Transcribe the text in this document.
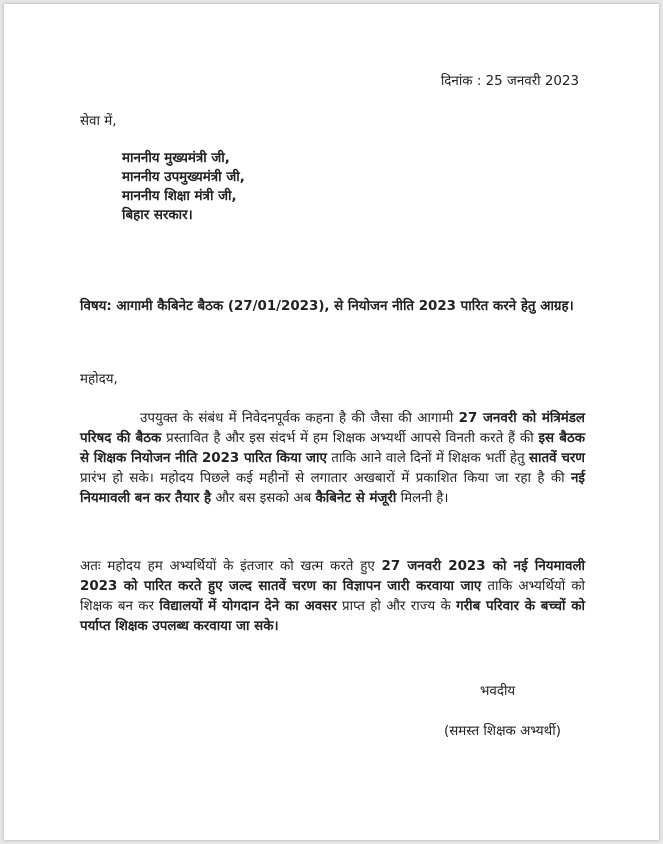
दिनांक : 25 जनवरी 2023
सेवा में,
माननीय मुख्यमंत्री जी,
माननीय उपमुख्यमंत्री जी,
माननीय शिक्षा मंत्री जी,
बिहार सरकार।
विषय: आगामी कैबिनेट बैठक (27/01/2023), से नियोजन नीति 2023 पारित करने हेतु आग्रह।
महोदय,
उपयुक्त के संबंध में निवेदनपूर्वक कहना है की जैसा की आगामी 27 जनवरी को मंत्रिमंडल परिषद की बैठक प्रस्तावित है और इस संदर्भ में हम शिक्षक अभ्यर्थी आपसे विनती करते हैं की इस बैठक से शिक्षक नियोजन नीति 2023 पारित किया जाए ताकि आने वाले दिनों में शिक्षक भर्ती हेतु सातवें चरण प्रारंभ हो सके। महोदय पिछले कई महीनों से लगातार अखबारों में प्रकाशित किया जा रहा है की नई नियमावली बन कर तैयार है और बस इसको अब कैबिनेट से मंजूरी मिलनी है।
अतः महोदय हम अभ्यर्थियों के इंतजार को खत्म करते हुए 27 जनवरी 2023 को नई नियमावली 2023 को पारित करते हुए जल्द सातवें चरण का विज्ञापन जारी करवाया जाए ताकि अभ्यर्थियों को शिक्षक बन कर विद्यालयों में योगदान देने का अवसर प्राप्त हो और राज्य के गरीब परिवार के बच्चों को पर्याप्त शिक्षक उपलब्ध करवाया जा सके।
भवदीय
(समस्त शिक्षक अभ्यर्थी)
